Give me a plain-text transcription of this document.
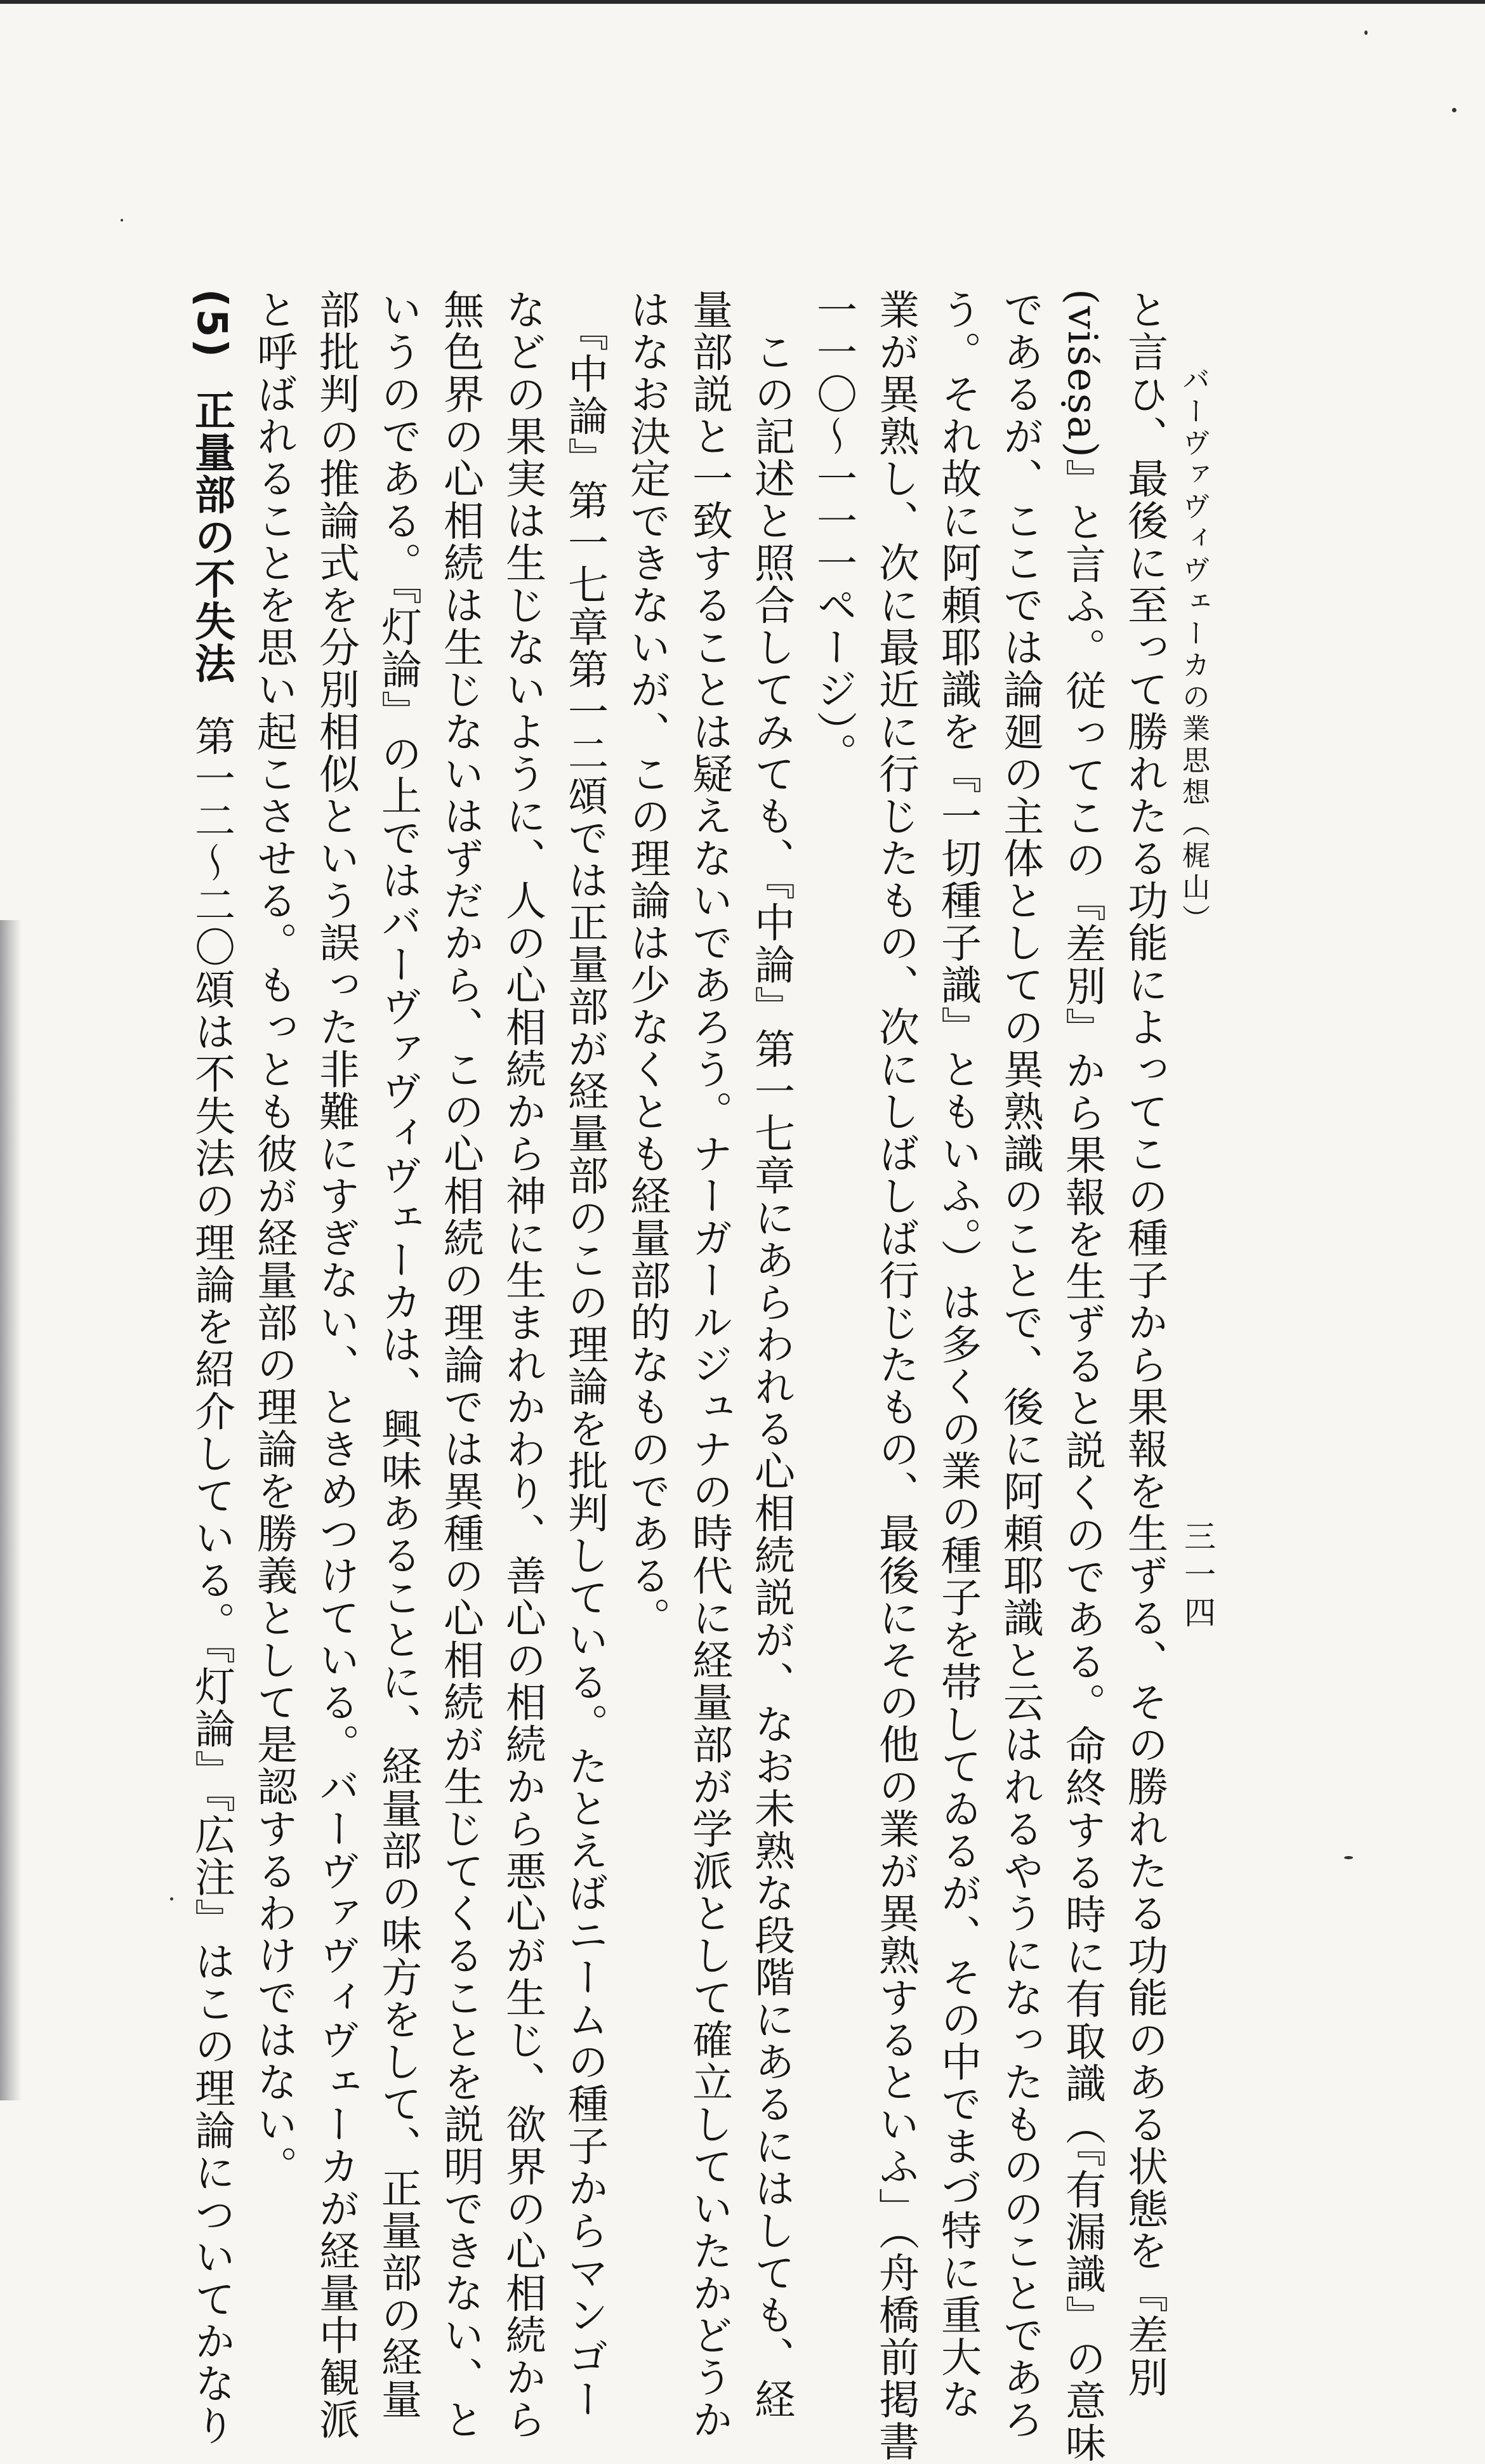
バーヴァヴィヴェーカの業思想（梶山）
三一四
と言ひ、最後に至って勝れたる功能によってこの種子から果報を生ずる、その勝れたる功能のある状態を『差別
(viśeṣa)』と言ふ。従ってこの『差別』から果報を生ずると説くのである。命終する時に有取識（『有漏識』の意味
であるが、ここでは論廻の主体としての異熟識のことで、後に阿頼耶識と云はれるやうになったもののことであろ
う。それ故に阿頼耶識を『一切種子識』ともいふ。）は多くの業の種子を帯してゐるが、その中でまづ特に重大な
業が異熟し、次に最近に行じたもの、次にしばしば行じたもの、最後にその他の業が異熟するといふ」（舟橋前掲書
一一〇〜一一一ページ）。
　この記述と照合してみても、『中論』第一七章にあらわれる心相続説が、なお未熟な段階にあるにはしても、経
量部説と一致することは疑えないであろう。ナーガールジュナの時代に経量部が学派として確立していたかどうか
はなお決定できないが、この理論は少なくとも経量部的なものである。
　『中論』第一七章第一二頌では正量部が経量部のこの理論を批判している。たとえばニームの種子からマンゴー
などの果実は生じないように、人の心相続から神に生まれかわり、善心の相続から悪心が生じ、欲界の心相続から
無色界の心相続は生じないはずだから、この心相続の理論では異種の心相続が生じてくることを説明できない、と
いうのである。『灯論』の上ではバーヴァヴィヴェーカは、興味あることに、経量部の味方をして、正量部の経量
部批判の推論式を分別相似という誤った非難にすぎない、ときめつけている。バーヴァヴィヴェーカが経量中観派
と呼ばれることを思い起こさせる。もっとも彼が経量部の理論を勝義として是認するわけではない。
(5)正量部の不失法第一二〜二〇頌は不失法の理論を紹介している。『灯論』『広注』はこの理論についてかなり
